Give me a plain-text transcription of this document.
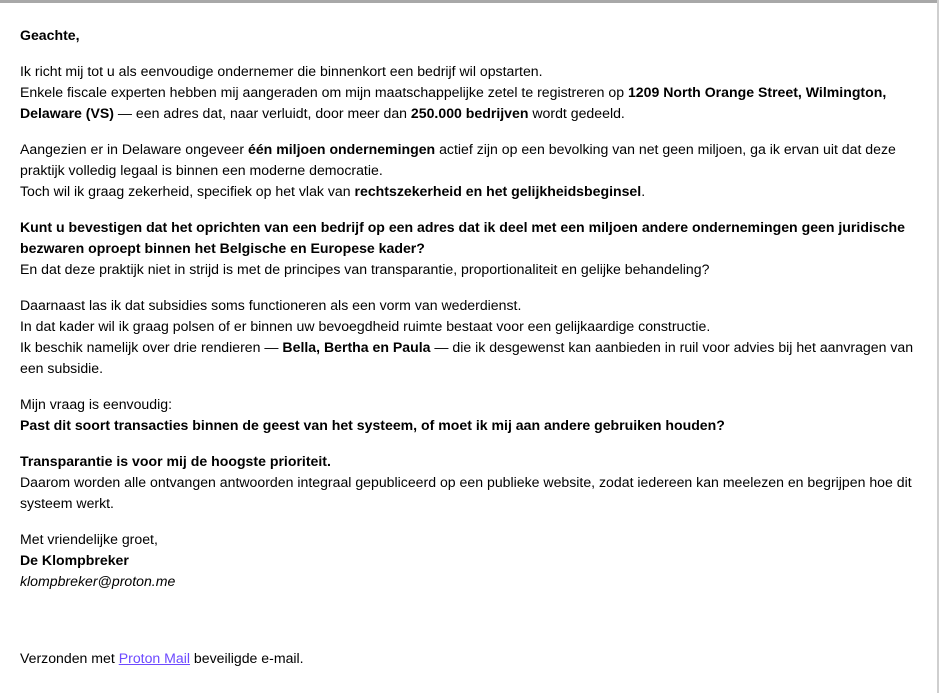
Geachte,

Ik richt mij tot u als eenvoudige ondernemer die binnenkort een bedrijf wil opstarten.
Enkele fiscale experten hebben mij aangeraden om mijn maatschappelijke zetel te registreren op 1209 North Orange Street, Wilmington, Delaware (VS) — een adres dat, naar verluidt, door meer dan 250.000 bedrijven wordt gedeeld.

Aangezien er in Delaware ongeveer één miljoen ondernemingen actief zijn op een bevolking van net geen miljoen, ga ik ervan uit dat deze praktijk volledig legaal is binnen een moderne democratie.
Toch wil ik graag zekerheid, specifiek op het vlak van rechtszekerheid en het gelijkheidsbeginsel.

Kunt u bevestigen dat het oprichten van een bedrijf op een adres dat ik deel met een miljoen andere ondernemingen geen juridische bezwaren oproept binnen het Belgische en Europese kader?
En dat deze praktijk niet in strijd is met de principes van transparantie, proportionaliteit en gelijke behandeling?

Daarnaast las ik dat subsidies soms functioneren als een vorm van wederdienst.
In dat kader wil ik graag polsen of er binnen uw bevoegdheid ruimte bestaat voor een gelijkaardige constructie.
Ik beschik namelijk over drie rendieren — Bella, Bertha en Paula — die ik desgewenst kan aanbieden in ruil voor advies bij het aanvragen van een subsidie.

Mijn vraag is eenvoudig:
Past dit soort transacties binnen de geest van het systeem, of moet ik mij aan andere gebruiken houden?

Transparantie is voor mij de hoogste prioriteit.
Daarom worden alle ontvangen antwoorden integraal gepubliceerd op een publieke website, zodat iedereen kan meelezen en begrijpen hoe dit systeem werkt.

Met vriendelijke groet,
De Klompbreker
klompbreker@proton.me

Verzonden met Proton Mail beveiligde e-mail.
